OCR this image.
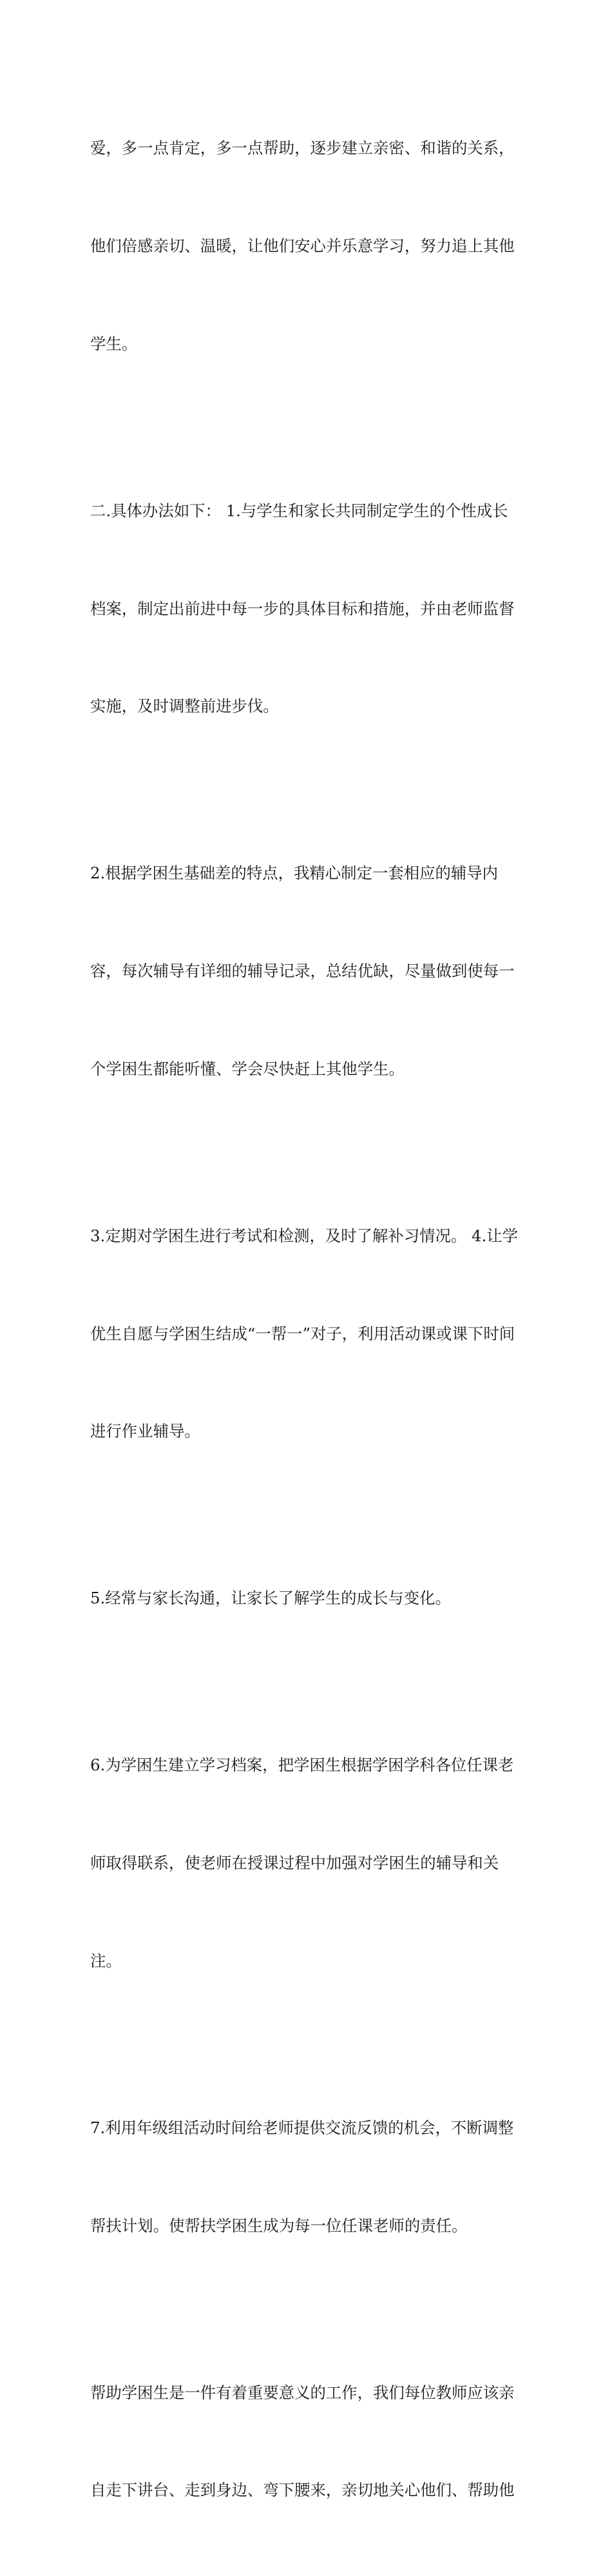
爱，多一点肯定，多一点帮助，逐步建立亲密、和谐的关系，

他们倍感亲切、温暖，让他们安心并乐意学习，努力追上其他

学生。

二.具体办法如下： 1.与学生和家长共同制定学生的个性成长

档案，制定出前进中每一步的具体目标和措施，并由老师监督

实施，及时调整前进步伐。

2.根据学困生基础差的特点，我精心制定一套相应的辅导内

容，每次辅导有详细的辅导记录，总结优缺，尽量做到使每一

个学困生都能听懂、学会尽快赶上其他学生。

3.定期对学困生进行考试和检测，及时了解补习情况。 4.让学

优生自愿与学困生结成“一帮一”对子，利用活动课或课下时间

进行作业辅导。

5.经常与家长沟通，让家长了解学生的成长与变化。

6.为学困生建立学习档案，把学困生根据学困学科各位任课老

师取得联系，使老师在授课过程中加强对学困生的辅导和关

注。

7.利用年级组活动时间给老师提供交流反馈的机会，不断调整

帮扶计划。使帮扶学困生成为每一位任课老师的责任。

帮助学困生是一件有着重要意义的工作，我们每位教师应该亲

自走下讲台、走到身边、弯下腰来，亲切地关心他们、帮助他
